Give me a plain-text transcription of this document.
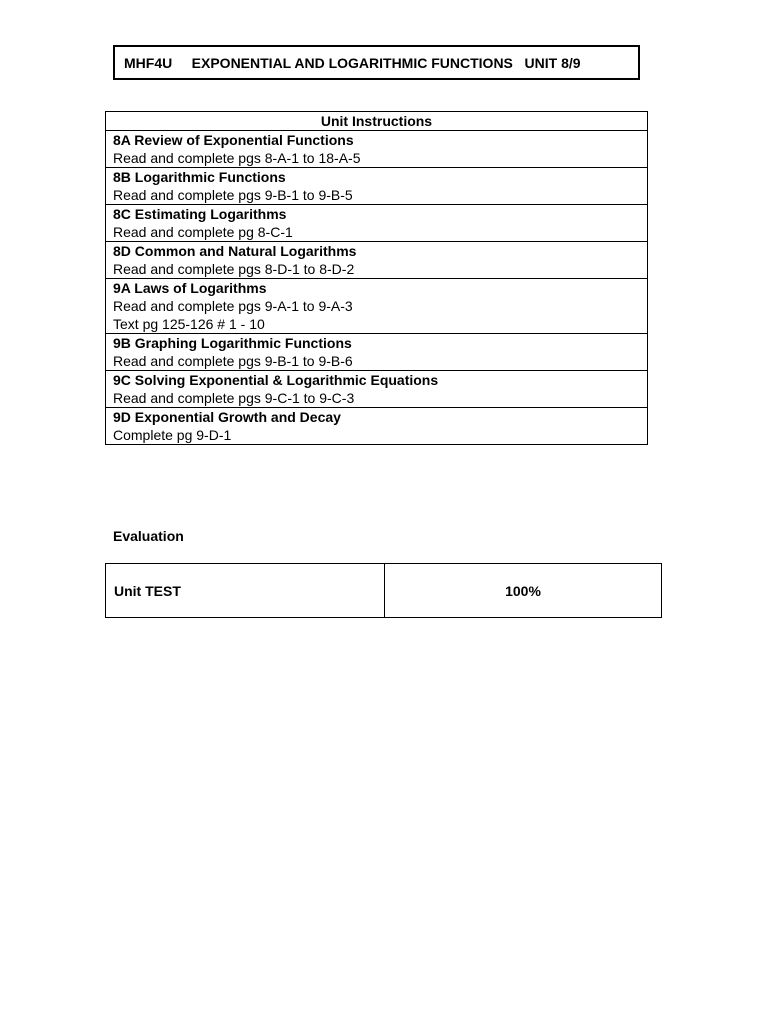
MHF4U     EXPONENTIAL AND LOGARITHMIC FUNCTIONS   UNIT 8/9
Unit Instructions

8A Review of Exponential Functions
Read and complete pgs 8-A-1 to 18-A-5

8B Logarithmic Functions
Read and complete pgs 9-B-1 to 9-B-5

8C Estimating Logarithms
Read and complete pg 8-C-1

8D Common and Natural Logarithms
Read and complete pgs 8-D-1 to 8-D-2

9A Laws of Logarithms
Read and complete pgs 9-A-1 to 9-A-3
Text pg 125-126 # 1 - 10

9B Graphing Logarithmic Functions
Read and complete pgs 9-B-1 to 9-B-6

9C Solving Exponential & Logarithmic Equations
Read and complete pgs 9-C-1 to 9-C-3

9D Exponential Growth and Decay
Complete pg 9-D-1
Evaluation
Unit TEST	100%
